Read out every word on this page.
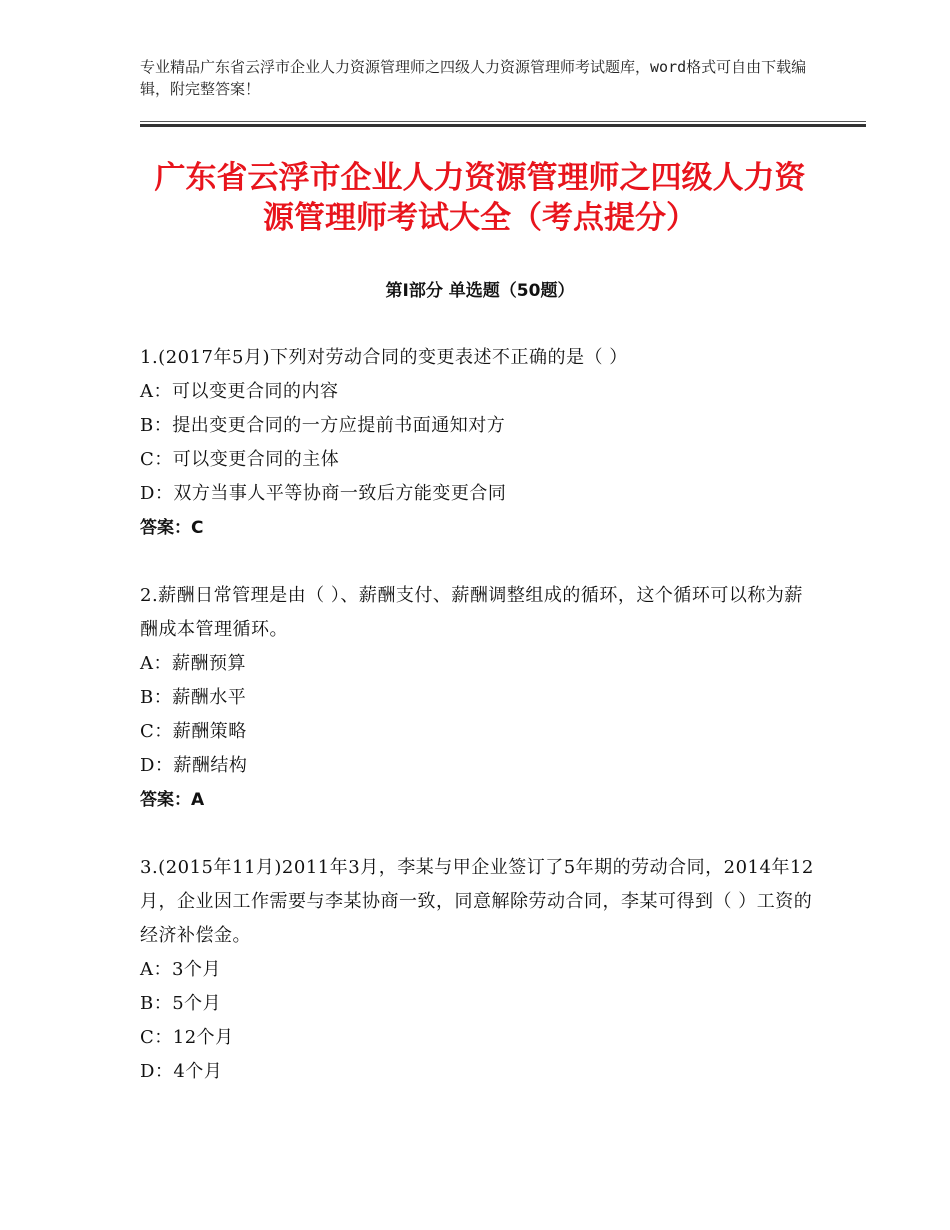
专业精品广东省云浮市企业人力资源管理师之四级人力资源管理师考试题库，word格式可自由下载编辑，附完整答案！
广东省云浮市企业人力资源管理师之四级人力资源管理师考试大全（考点提分）
第Ⅰ部分 单选题（50题）

1.(2017年5月)下列对劳动合同的变更表述不正确的是（ ）

A：可以变更合同的内容

B：提出变更合同的一方应提前书面通知对方

C：可以变更合同的主体

D：双方当事人平等协商一致后方能变更合同

答案：C

2.薪酬日常管理是由（ ）、薪酬支付、薪酬调整组成的循环，这个循环可以称为薪酬成本管理循环。

A：薪酬预算

B：薪酬水平

C：薪酬策略

D：薪酬结构

答案：A

3.(2015年11月)2011年3月，李某与甲企业签订了5年期的劳动合同，2014年12月，企业因工作需要与李某协商一致，同意解除劳动合同，李某可得到（ ）工资的经济补偿金。

A：3个月

B：5个月

C：12个月

D：4个月
